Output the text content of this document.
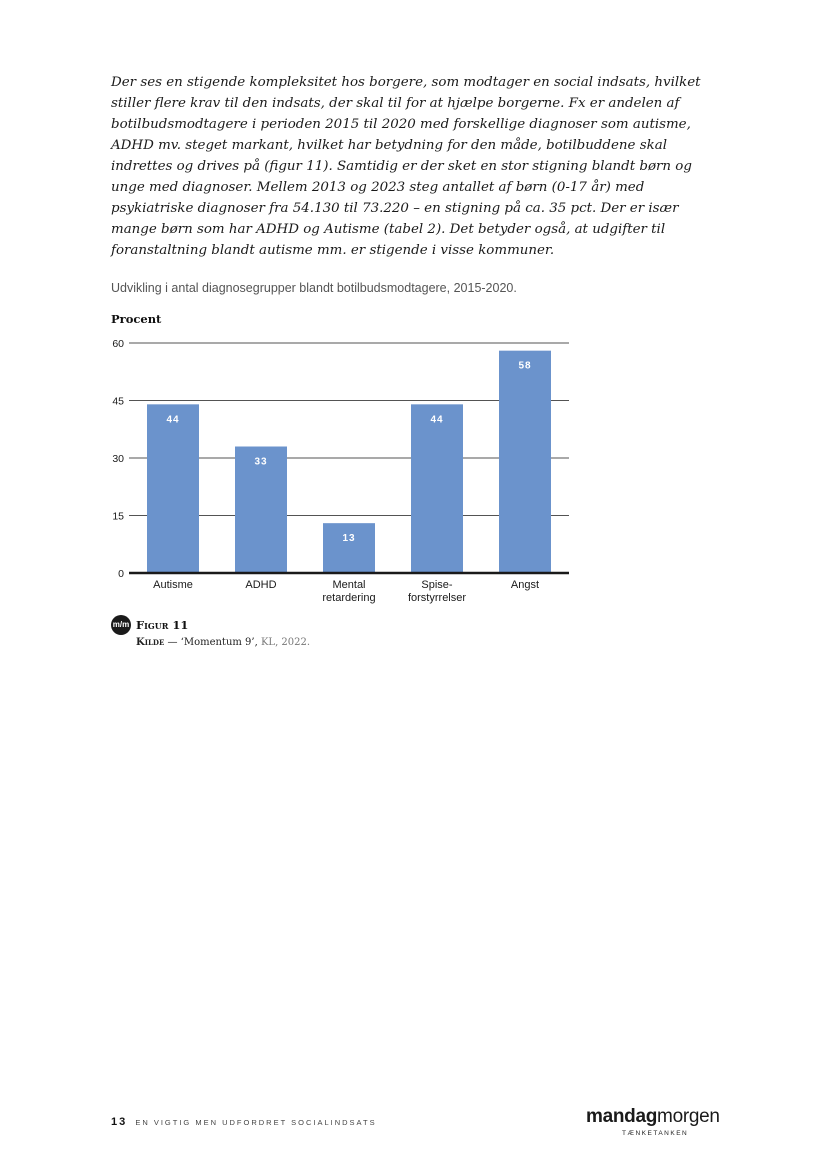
Der ses en stigende kompleksitet hos borgere, som modtager en social indsats, hvilket stiller flere krav til den indsats, der skal til for at hjælpe borgerne. Fx er andelen af botilbudsmodtagere i perioden 2015 til 2020 med forskellige diagnoser som autisme, ADHD mv. steget markant, hvilket har betydning for den måde, botilbuddene skal indrettes og drives på (figur 11). Samtidig er der sket en stor stigning blandt børn og unge med diagnoser. Mellem 2013 og 2023 steg antallet af børn (0-17 år) med psykiatriske diagnoser fra 54.130 til 73.220 – en stigning på ca. 35 pct. Der er især mange børn som har ADHD og Autisme (tabel 2). Det betyder også, at udgifter til foranstaltning blandt autisme mm. er stigende i visse kommuner.

Udvikling i antal diagnosegrupper blandt botilbudsmodtagere, 2015-2020.
Procent
0
15
30
45
60
44
Autisme
33
ADHD
13
Mental
retardering
44
Spise-
forstyrrelser
58
Angst
m/m Figur 11
Kilde — ‘Momentum 9’, KL, 2022.
13 EN VIGTIG MEN UDFORDRET SOCIALINDSATS	mandagmorgen
TÆNKETANKEN
